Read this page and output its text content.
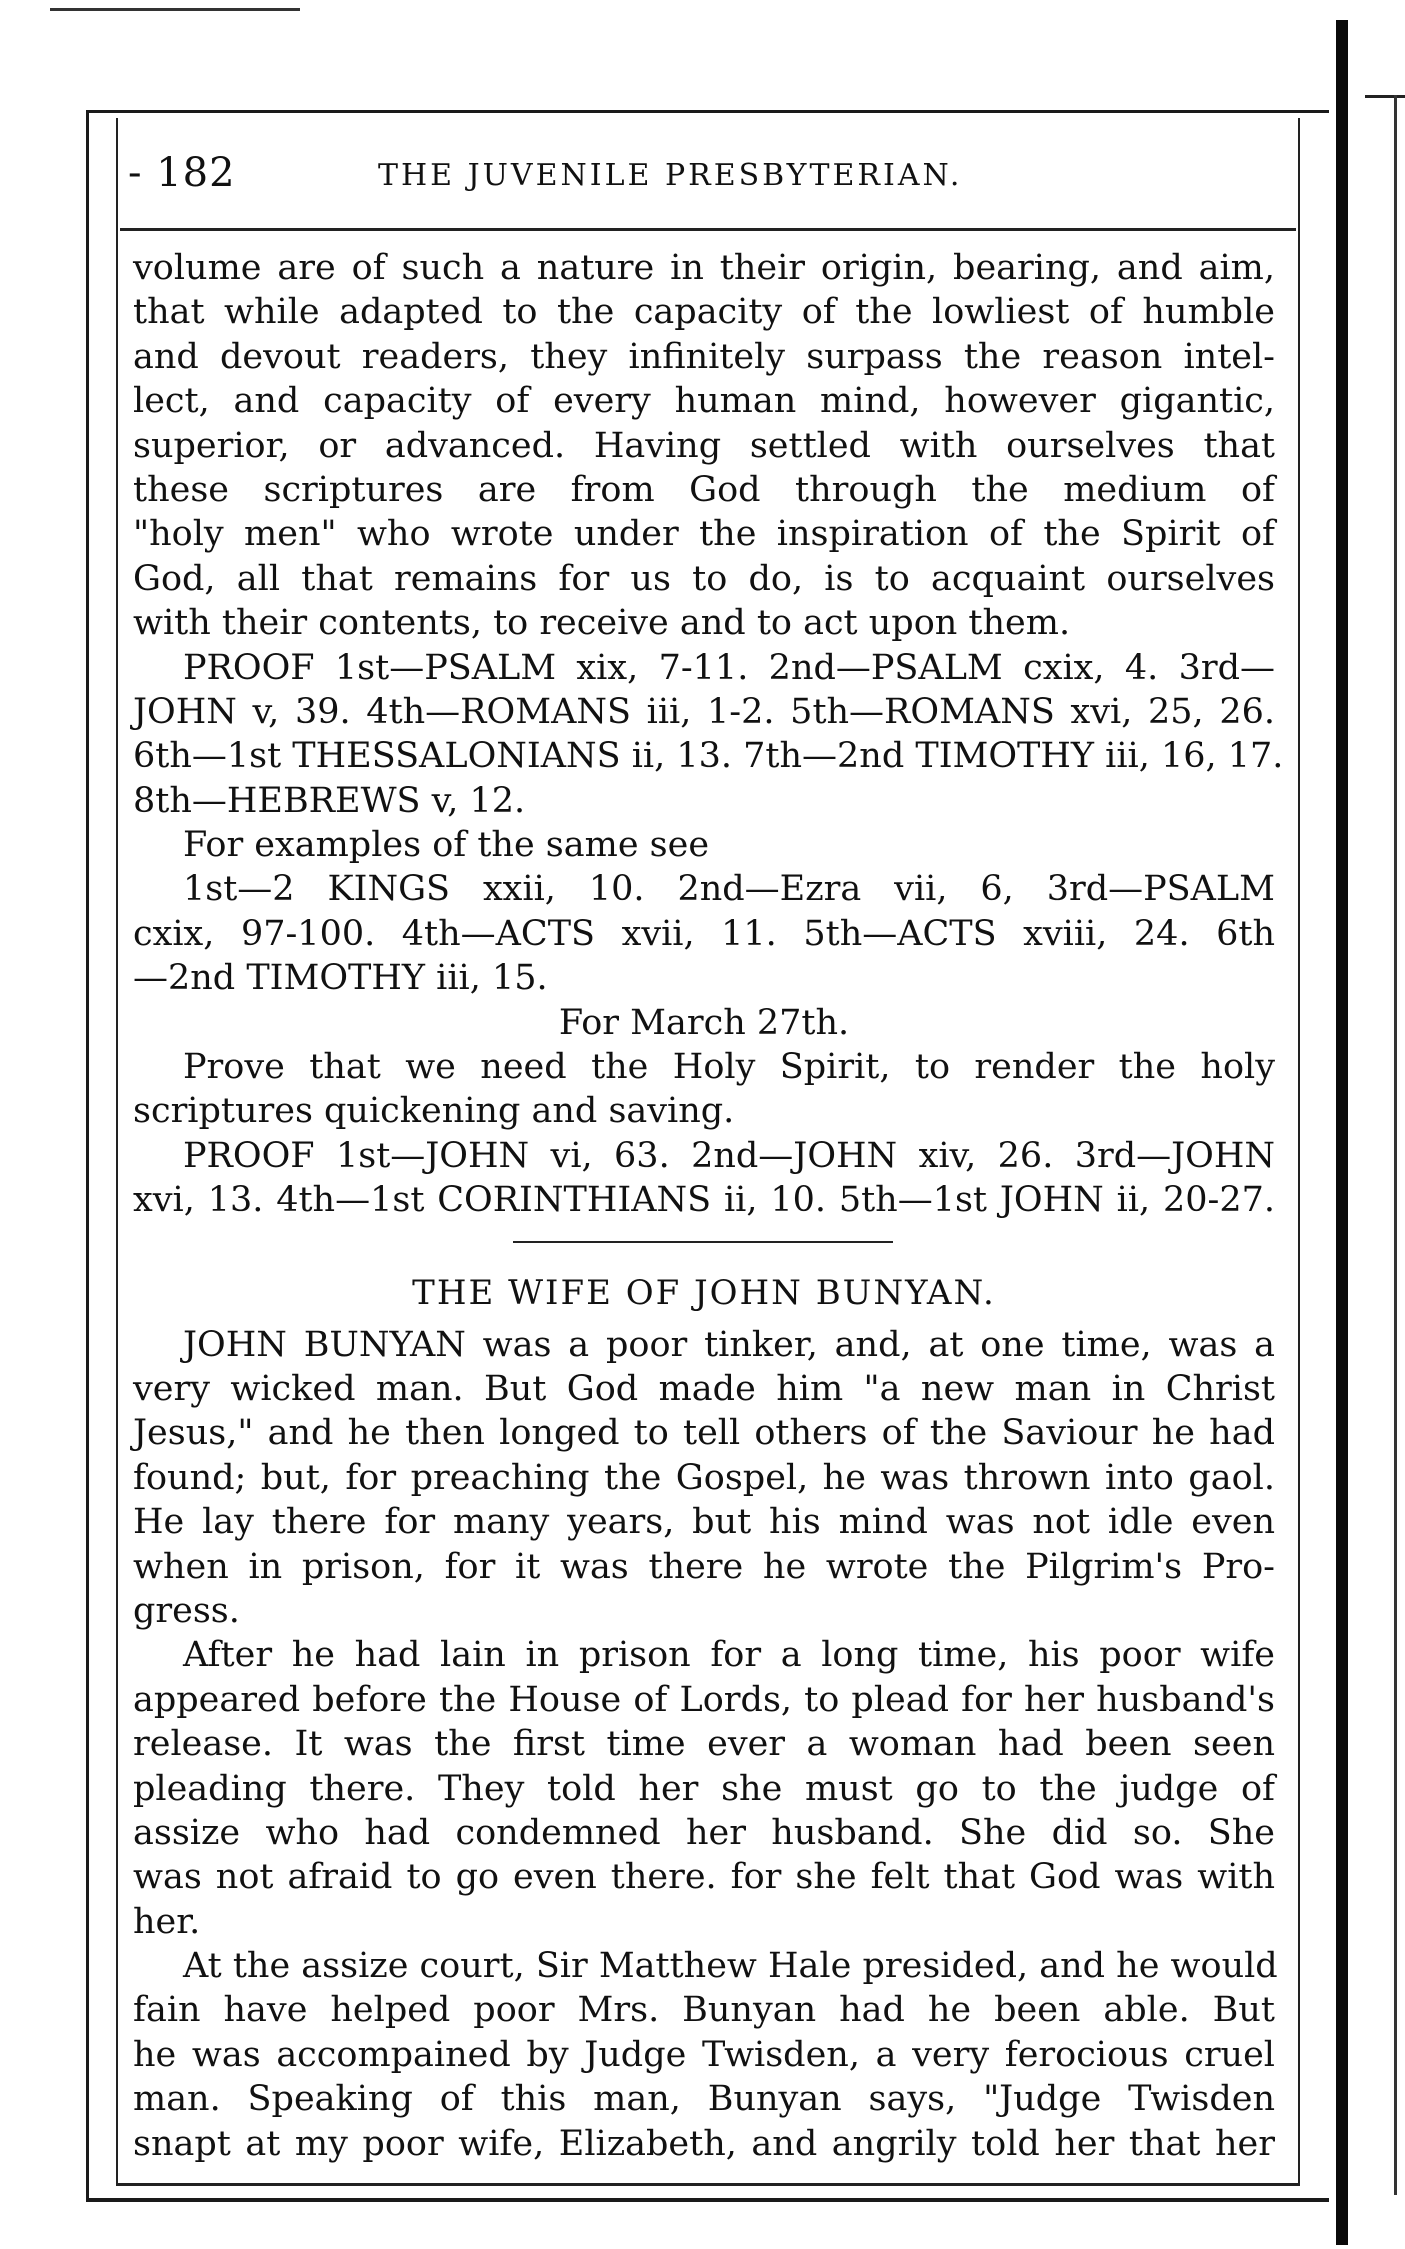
- 182	THE JUVENILE PRESBYTERIAN.
volume are of such a nature in their origin, bearing, and aim,
that while adapted to the capacity of the lowliest of humble
and devout readers, they infinitely surpass the reason intel-
lect, and capacity of every human mind, however gigantic,
superior, or advanced. Having settled with ourselves that
these scriptures are from God through the medium of
"holy men" who wrote under the inspiration of the Spirit of
God, all that remains for us to do, is to acquaint ourselves
with their contents, to receive and to act upon them.
PROOF 1st—PSALM xix, 7-11. 2nd—PSALM cxix, 4. 3rd—
JOHN v, 39. 4th—ROMANS iii, 1-2. 5th—ROMANS xvi, 25, 26.
6th—1st THESSALONIANS ii, 13. 7th—2nd TIMOTHY iii, 16, 17.
8th—HEBREWS v, 12.
For examples of the same see
1st—2 KINGS xxii, 10. 2nd—Ezra vii, 6, 3rd—PSALM
cxix, 97-100. 4th—ACTS xvii, 11. 5th—ACTS xviii, 24. 6th
—2nd TIMOTHY iii, 15.
For March 27th.
Prove that we need the Holy Spirit, to render the holy
scriptures quickening and saving.
PROOF 1st—JOHN vi, 63. 2nd—JOHN xiv, 26. 3rd—JOHN
xvi, 13. 4th—1st CORINTHIANS ii, 10. 5th—1st JOHN ii, 20-27.
THE WIFE OF JOHN BUNYAN.
JOHN BUNYAN was a poor tinker, and, at one time, was a
very wicked man. But God made him "a new man in Christ
Jesus," and he then longed to tell others of the Saviour he had
found; but, for preaching the Gospel, he was thrown into gaol.
He lay there for many years, but his mind was not idle even
when in prison, for it was there he wrote the Pilgrim's Pro-
gress.
After he had lain in prison for a long time, his poor wife
appeared before the House of Lords, to plead for her husband's
release. It was the first time ever a woman had been seen
pleading there. They told her she must go to the judge of
assize who had condemned her husband. She did so. She
was not afraid to go even there. for she felt that God was with
her.
At the assize court, Sir Matthew Hale presided, and he would
fain have helped poor Mrs. Bunyan had he been able. But
he was accompained by Judge Twisden, a very ferocious cruel
man. Speaking of this man, Bunyan says, "Judge Twisden
snapt at my poor wife, Elizabeth, and angrily told her that her
